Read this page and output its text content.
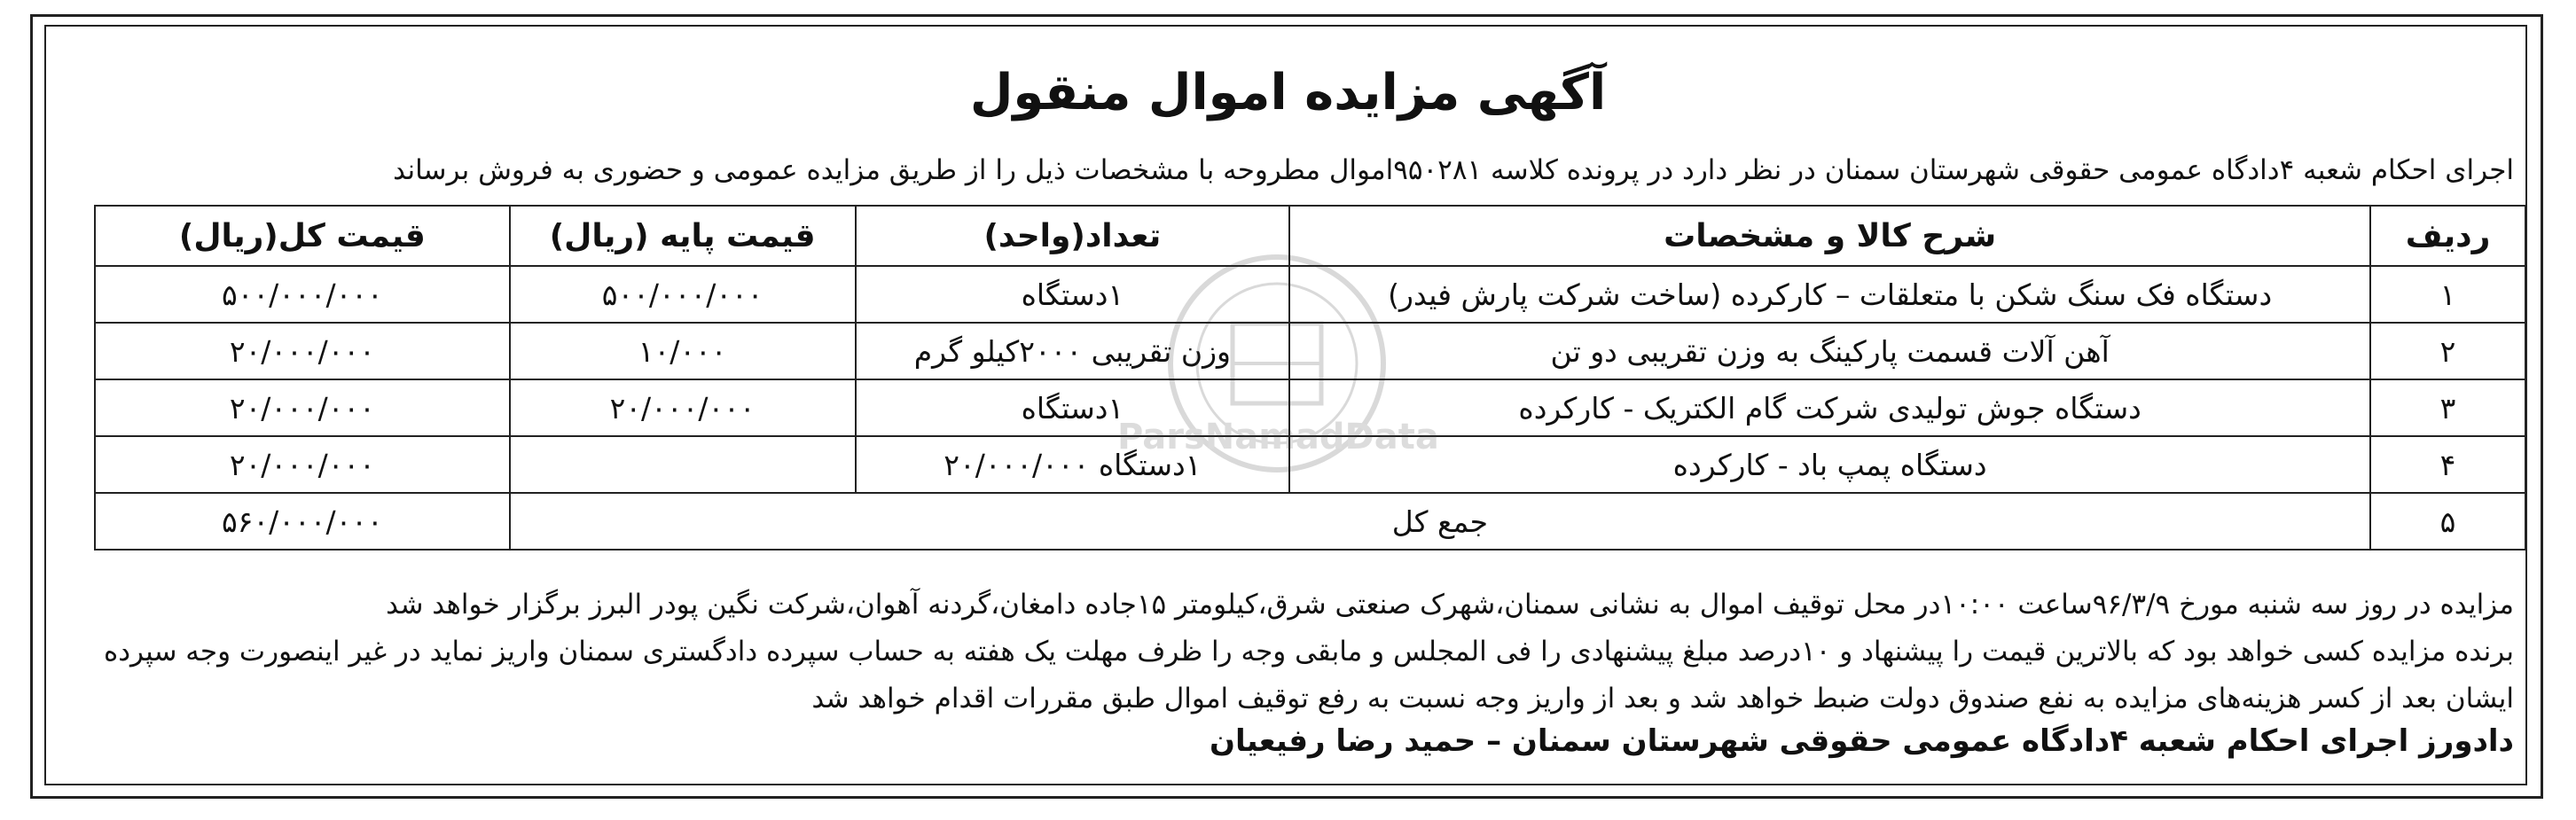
آگهی مزایده اموال منقول
اجرای احکام شعبه ۴دادگاه عمومی حقوقی شهرستان سمنان در نظر دارد در پرونده کلاسه ۹۵۰۲۸۱اموال مطروحه با مشخصات ذیل را از طریق مزایده عمومی و حضوری به فروش برساند
ردیف	شرح کالا و مشخصات	تعداد(واحد)	قیمت پایه (ریال)	قیمت کل(ریال)
۱	دستگاه فک سنگ شکن با متعلقات – کارکرده (ساخت شرکت پارش فیدر)	۱دستگاه	۵۰۰/۰۰۰/۰۰۰	۵۰۰/۰۰۰/۰۰۰
۲	آهن آلات قسمت پارکینگ به وزن تقریبی دو تن	وزن تقریبی ۲۰۰۰کیلو گرم	۱۰/۰۰۰	۲۰/۰۰۰/۰۰۰
۳	دستگاه جوش تولیدی شرکت گام الکتریک - کارکرده	۱دستگاه	۲۰/۰۰۰/۰۰۰	۲۰/۰۰۰/۰۰۰
۴	دستگاه پمپ باد - کارکرده	۱دستگاه ۲۰/۰۰۰/۰۰۰		۲۰/۰۰۰/۰۰۰
۵	جمع کل			۵۶۰/۰۰۰/۰۰۰
مزایده در روز سه شنبه مورخ ۹۶/۳/۹ساعت ۱۰:۰۰در محل توقیف اموال به نشانی سمنان،شهرک صنعتی شرق،کیلومتر ۱۵جاده دامغان،گردنه آهوان،شرکت نگین پودر البرز برگزار خواهد شد
برنده مزایده کسی خواهد بود که بالاترین قیمت را پیشنهاد و ۱۰درصد مبلغ پیشنهادی را فی المجلس و مابقی وجه را ظرف مهلت یک هفته به حساب سپرده دادگستری سمنان واریز نماید در غیر اینصورت وجه سپرده
ایشان بعد از کسر هزینه‌های مزایده به نفع صندوق دولت ضبط خواهد شد و بعد از واریز وجه نسبت به رفع توقیف اموال طبق مقررات اقدام خواهد شد
دادورز اجرای احکام شعبه ۴دادگاه عمومی حقوقی شهرستان سمنان – حمید رضا رفیعیان
ParsNamadData
